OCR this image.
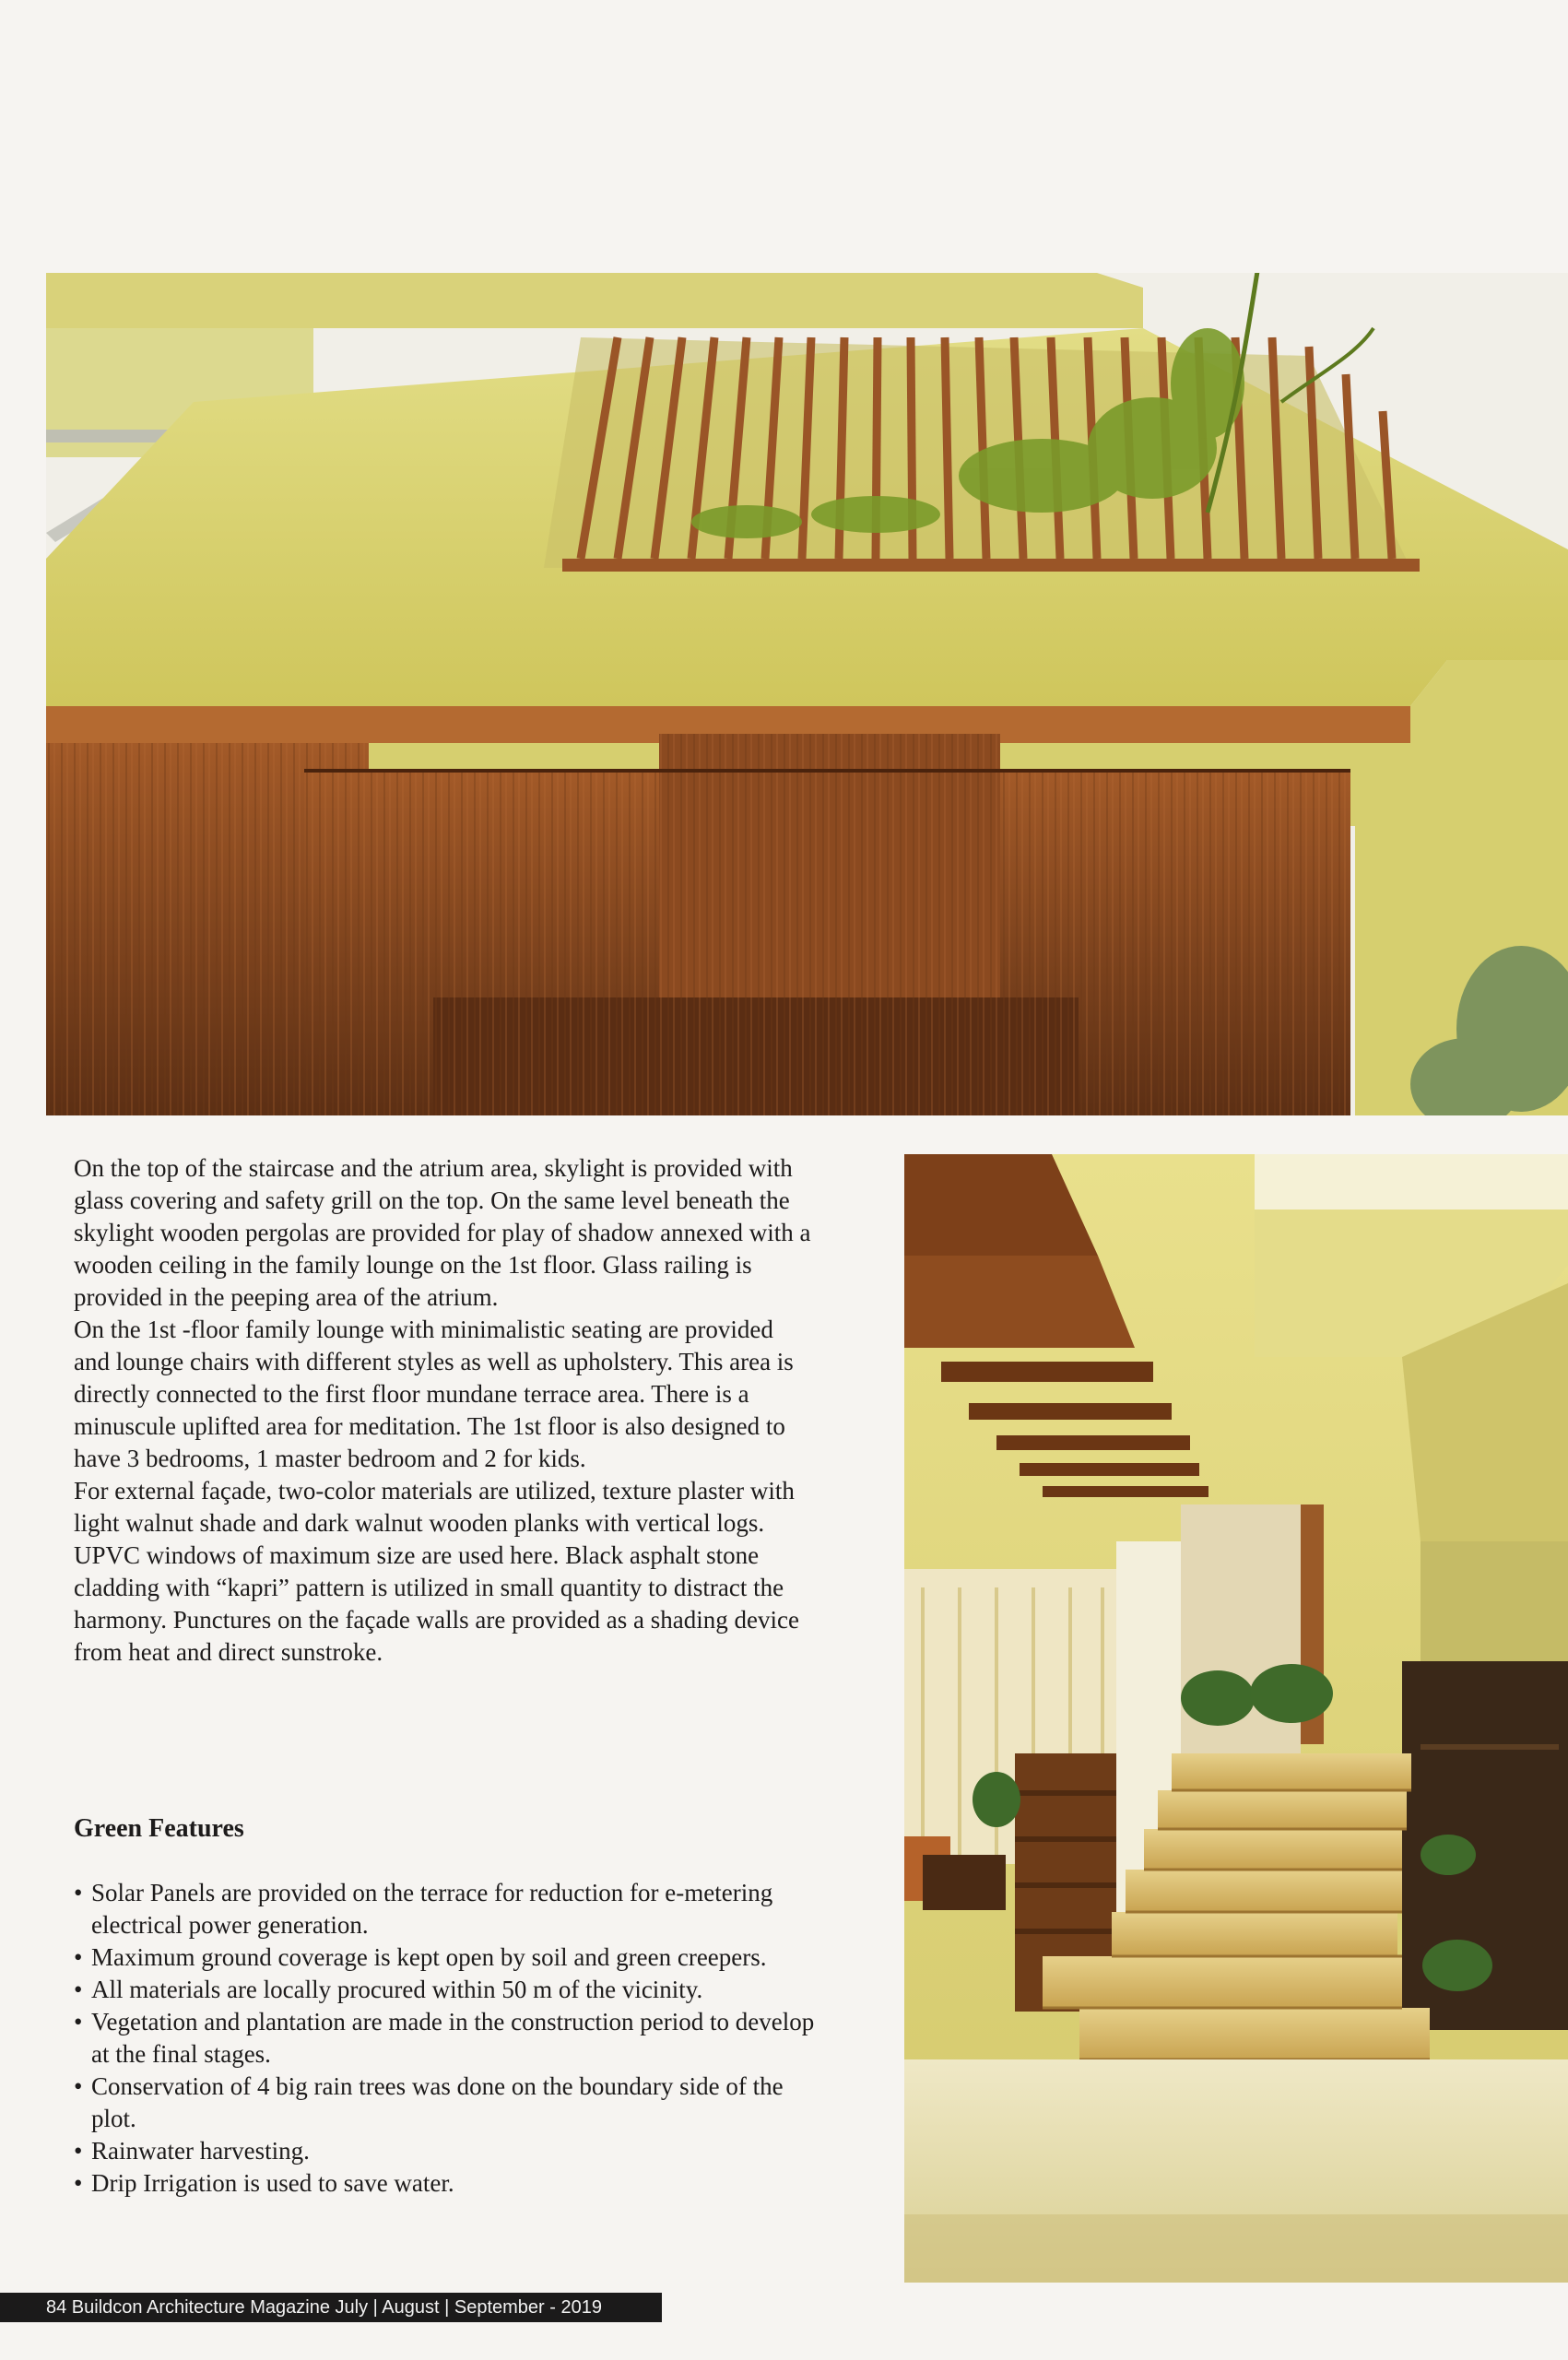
On the top of the staircase and the atrium area, skylight is provided with glass covering and safety grill on the top. On the same level beneath the skylight wooden pergolas are provided for play of shadow annexed with a wooden ceiling in the family lounge on the 1st floor. Glass railing is provided in the peeping area of the atrium.

On the 1st -floor family lounge with minimalistic seating are provided and lounge chairs with different styles as well as upholstery. This area is directly connected to the first floor mundane terrace area. There is a minuscule uplifted area for meditation. The 1st floor is also designed to have 3 bedrooms, 1 master bedroom and 2 for kids.

For external façade, two-color materials are utilized, texture plaster with light walnut shade and dark walnut wooden planks with vertical logs. UPVC windows of maximum size are used here. Black asphalt stone cladding with “kapri” pattern is utilized in small quantity to distract the harmony. Punctures on the façade walls are provided as a shading device from heat and direct sunstroke.

Green Features
• Solar Panels are provided on the terrace for reduction for e-metering electrical power generation.
• Maximum ground coverage is kept open by soil and green creepers.
• All materials are locally procured within 50 m of the vicinity.
• Vegetation and plantation are made in the construction period to develop at the final stages.
• Conservation of 4 big rain trees was done on the boundary side of the plot.
• Rainwater harvesting.
• Drip Irrigation is used to save water.
84 Buildcon Architecture Magazine July | August | September - 2019
